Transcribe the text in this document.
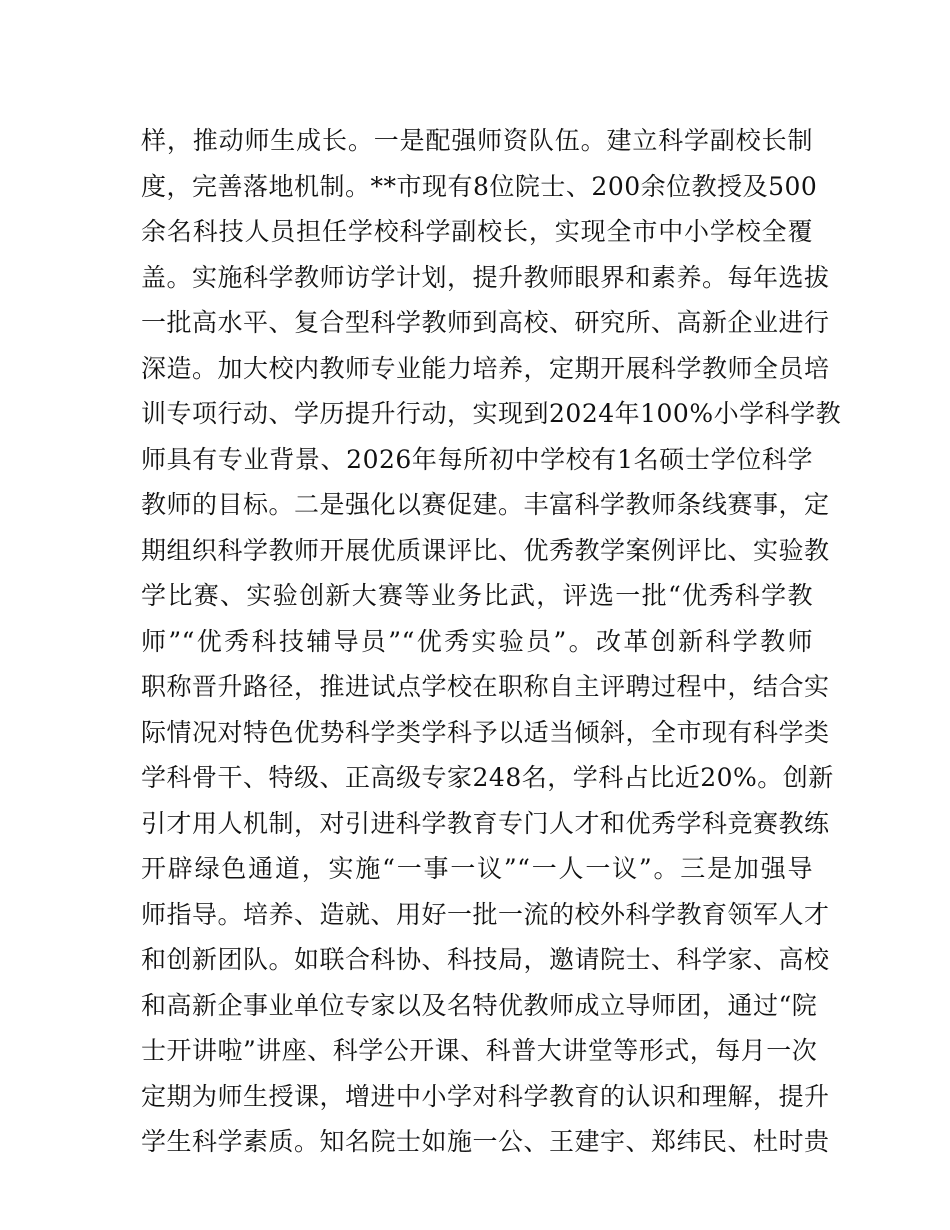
样，推动师生成长。一是配强师资队伍。建立科学副校长制
度，完善落地机制。**市现有8位院士、200余位教授及500
余名科技人员担任学校科学副校长，实现全市中小学校全覆
盖。实施科学教师访学计划，提升教师眼界和素养。每年选拔
一批高水平、复合型科学教师到高校、研究所、高新企业进行
深造。加大校内教师专业能力培养，定期开展科学教师全员培
训专项行动、学历提升行动，实现到2024年100%小学科学教
师具有专业背景、2026年每所初中学校有1名硕士学位科学
教师的目标。二是强化以赛促建。丰富科学教师条线赛事，定
期组织科学教师开展优质课评比、优秀教学案例评比、实验教
学比赛、实验创新大赛等业务比武，评选一批“优秀科学教
师”“优秀科技辅导员”“优秀实验员”。改革创新科学教师
职称晋升路径，推进试点学校在职称自主评聘过程中，结合实
际情况对特色优势科学类学科予以适当倾斜，全市现有科学类
学科骨干、特级、正高级专家248名，学科占比近20%。创新
引才用人机制，对引进科学教育专门人才和优秀学科竞赛教练
开辟绿色通道，实施“一事一议”“一人一议”。三是加强导
师指导。培养、造就、用好一批一流的校外科学教育领军人才
和创新团队。如联合科协、科技局，邀请院士、科学家、高校
和高新企事业单位专家以及名特优教师成立导师团，通过“院
士开讲啦”讲座、科学公开课、科普大讲堂等形式，每月一次
定期为师生授课，增进中小学对科学教育的认识和理解，提升
学生科学素质。知名院士如施一公、王建宇、郑纬民、杜时贵
